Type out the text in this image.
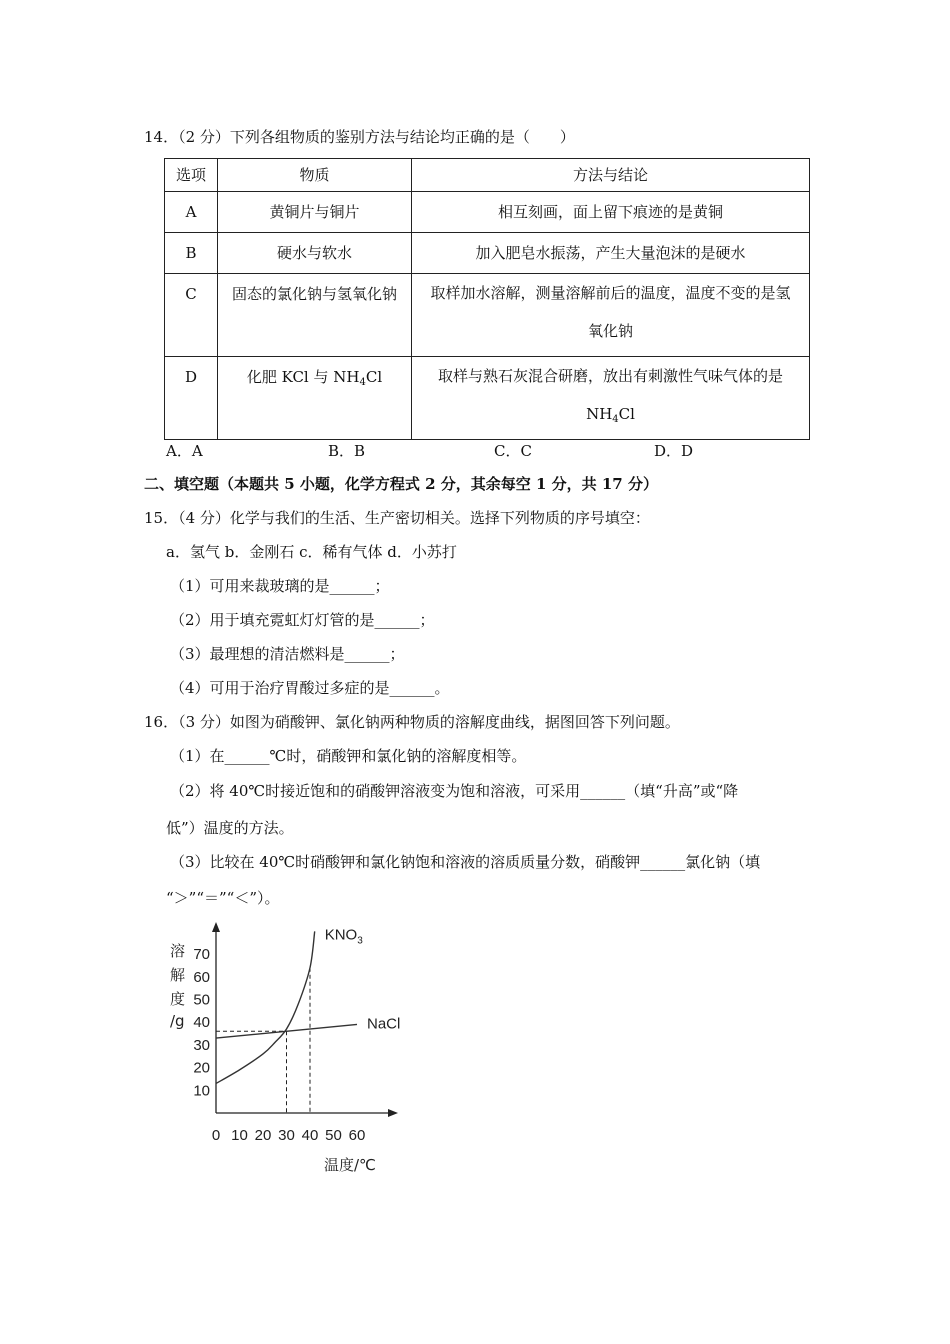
14．（2 分）下列各组物质的鉴别方法与结论均正确的是（　　）
选项	物质	方法与结论
A	黄铜片与铜片	相互刻画，面上留下痕迹的是黄铜
B	硬水与软水	加入肥皂水振荡，产生大量泡沫的是硬水
C	固态的氯化钠与氢氧化钠	取样加水溶解，测量溶解前后的温度，温度不变的是氢
氧化钠

D	化肥 KCl 与 $NH_4Cl$	取样与熟石灰混合研磨，放出有刺激性气味气体的是
$NH_4Cl$
A．A	B．B	C．C	D．D
二、填空题（本题共 5 小题，化学方程式 2 分，其余每空 1 分，共 17 分）
15．（4 分）化学与我们的生活、生产密切相关。选择下列物质的序号填空：
a．氢气 b．金刚石 c．稀有气体 d．小苏打
（1）可用来裁玻璃的是______；
（2）用于填充霓虹灯灯管的是______；
（3）最理想的清洁燃料是______；
（4）可用于治疗胃酸过多症的是______。
16．（3 分）如图为硝酸钾、氯化钠两种物质的溶解度曲线，据图回答下列问题。
（1）在______℃时，硝酸钾和氯化钠的溶解度相等。
（2）将 40℃时接近饱和的硝酸钾溶液变为饱和溶液，可采用______（填“升高”或“降
低”）温度的方法。
（3）比较在 40℃时硝酸钾和氯化钠饱和溶液的溶质质量分数，硝酸钾______氯化钠（填
“＞”“＝”“＜”）。
溶
解
度
/g
温度/℃
0 10 20 30 40 50 60
10
20
30
40
50
60
70
$KNO_3$
NaCl
